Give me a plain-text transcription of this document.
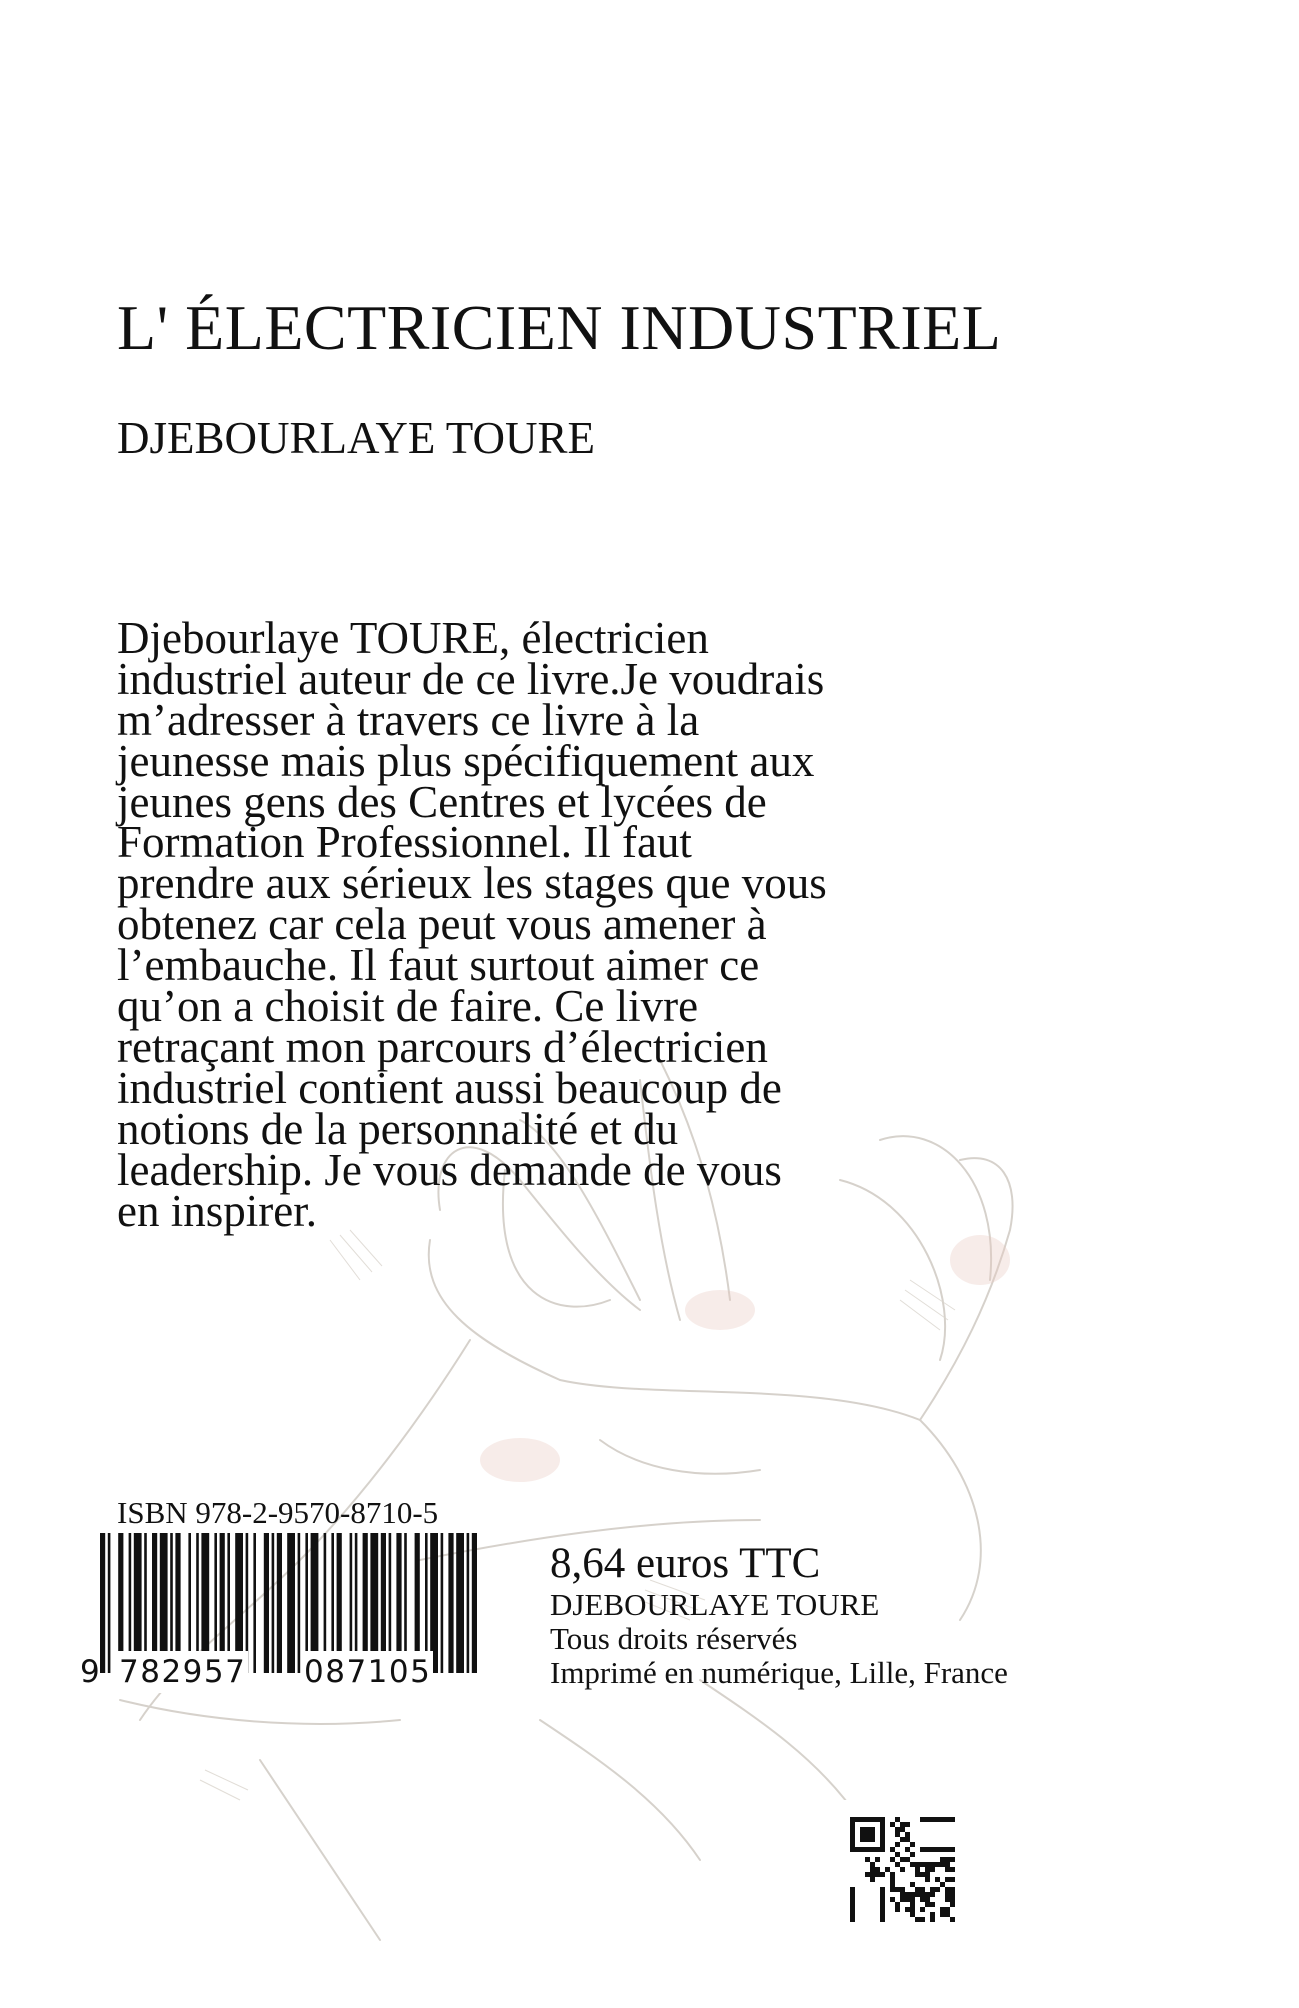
L' ÉLECTRICIEN INDUSTRIEL
DJEBOURLAYE TOURE

Djebourlaye TOURE, électricien
industriel auteur de ce livre.Je voudrais
m’adresser à travers ce livre à la
jeunesse mais plus spécifiquement aux
jeunes gens des Centres et lycées de
Formation Professionnel. Il faut
prendre aux sérieux les stages que vous
obtenez car cela peut vous amener à
l’embauche. Il faut surtout aimer ce
qu’on a choisit de faire. Ce livre
retraçant mon parcours d’électricien
industriel contient aussi beaucoup de
notions de la personnalité et du
leadership. Je vous demande de vous
en inspirer.

ISBN 978-2-9570-8710-5
9 782957 087105
8,64 euros TTC
DJEBOURLAYE TOURE
Tous droits réservés
Imprimé en numérique, Lille, France
